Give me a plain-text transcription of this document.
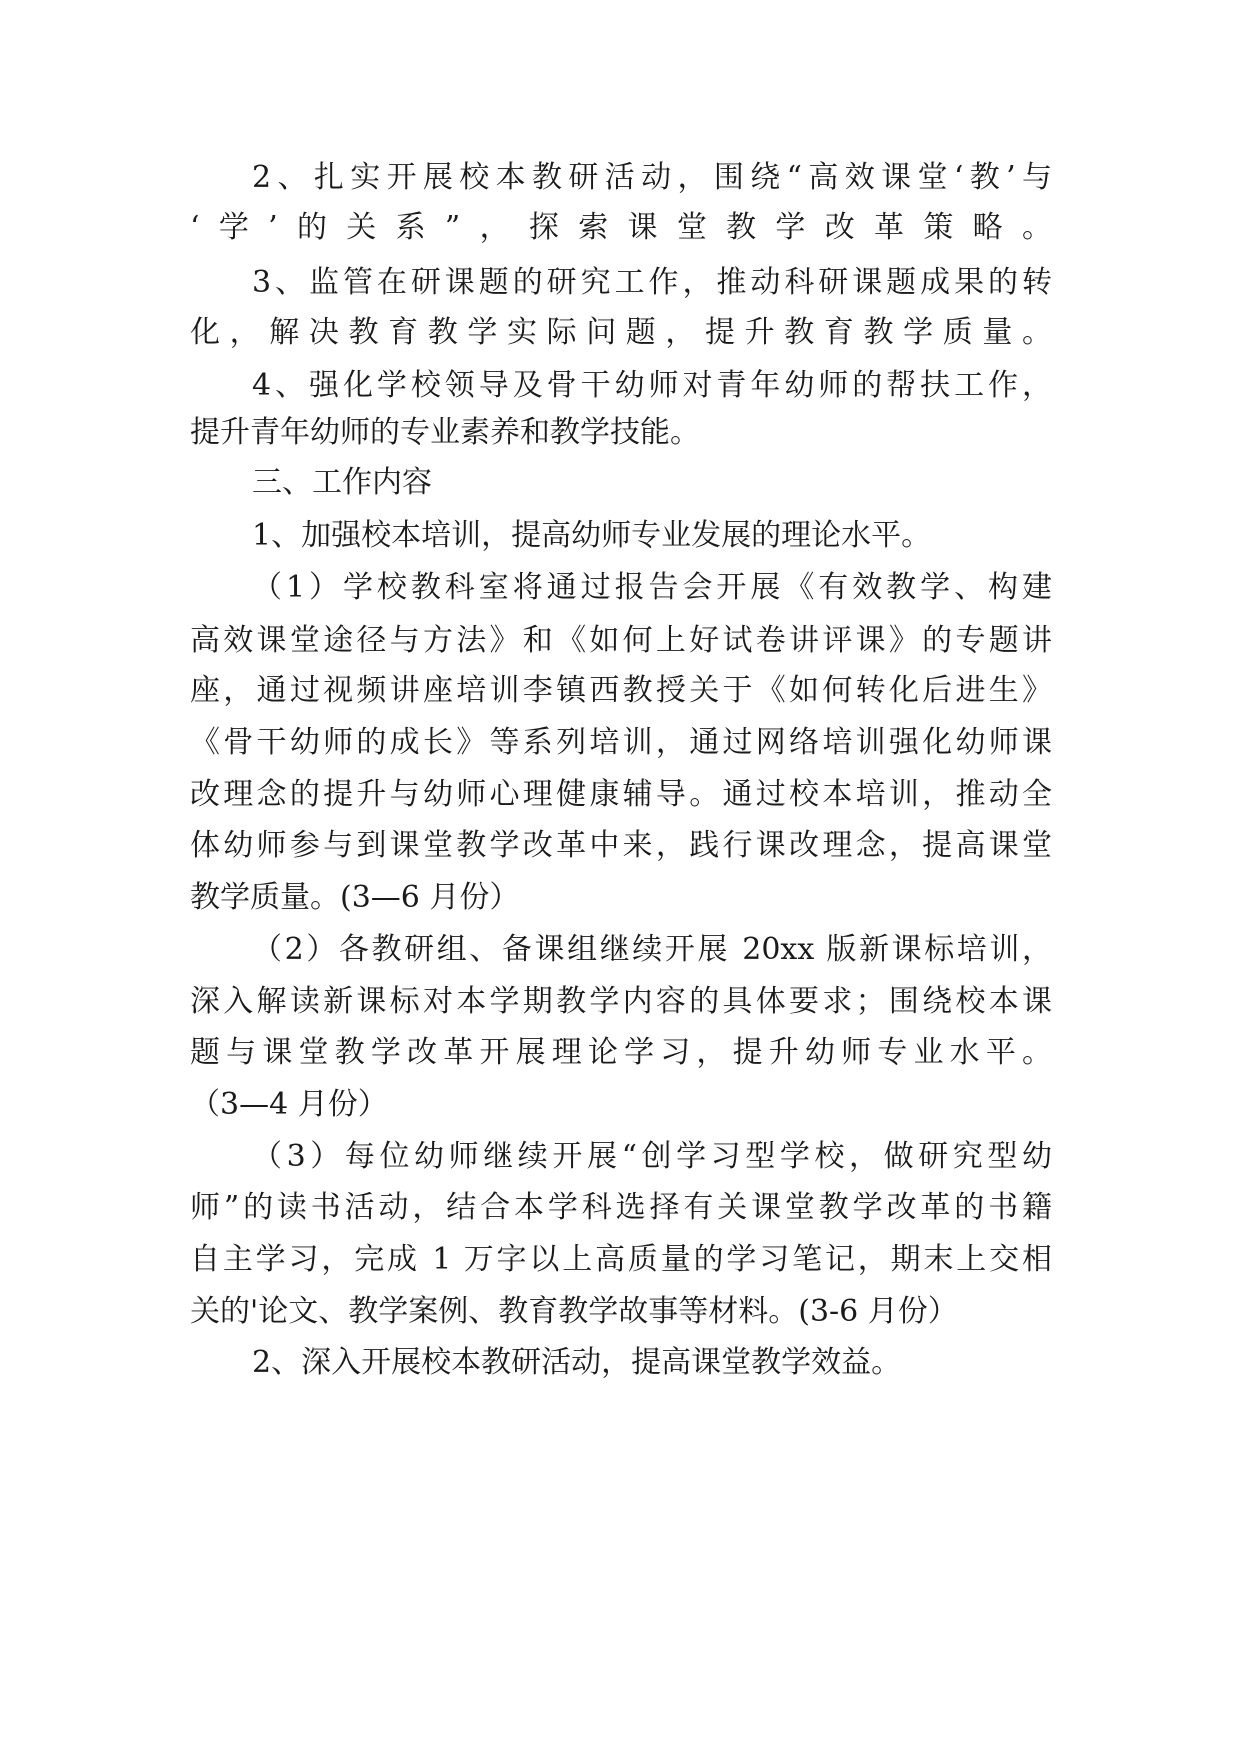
2、扎实开展校本教研活动，围绕“高效课堂‘教’与
‘学’的关系”，探索课堂教学改革策略。
3、监管在研课题的研究工作，推动科研课题成果的转
化，解决教育教学实际问题，提升教育教学质量。
4、强化学校领导及骨干幼师对青年幼师的帮扶工作，
提升青年幼师的专业素养和教学技能。
三、工作内容
1、加强校本培训，提高幼师专业发展的理论水平。
（1）学校教科室将通过报告会开展《有效教学、构建
高效课堂途径与方法》和《如何上好试卷讲评课》的专题讲
座，通过视频讲座培训李镇西教授关于《如何转化后进生》
《骨干幼师的成长》等系列培训，通过网络培训强化幼师课
改理念的提升与幼师心理健康辅导。通过校本培训，推动全
体幼师参与到课堂教学改革中来，践行课改理念，提高课堂
教学质量。(3—6 月份）
（2）各教研组、备课组继续开展 20xx 版新课标培训，
深入解读新课标对本学期教学内容的具体要求；围绕校本课
题与课堂教学改革开展理论学习，提升幼师专业水平。
（3—4 月份）
（3）每位幼师继续开展“创学习型学校，做研究型幼
师”的读书活动，结合本学科选择有关课堂教学改革的书籍
自主学习，完成 1 万字以上高质量的学习笔记，期末上交相
关的'论文、教学案例、教育教学故事等材料。(3-6 月份）
2、深入开展校本教研活动，提高课堂教学效益。
